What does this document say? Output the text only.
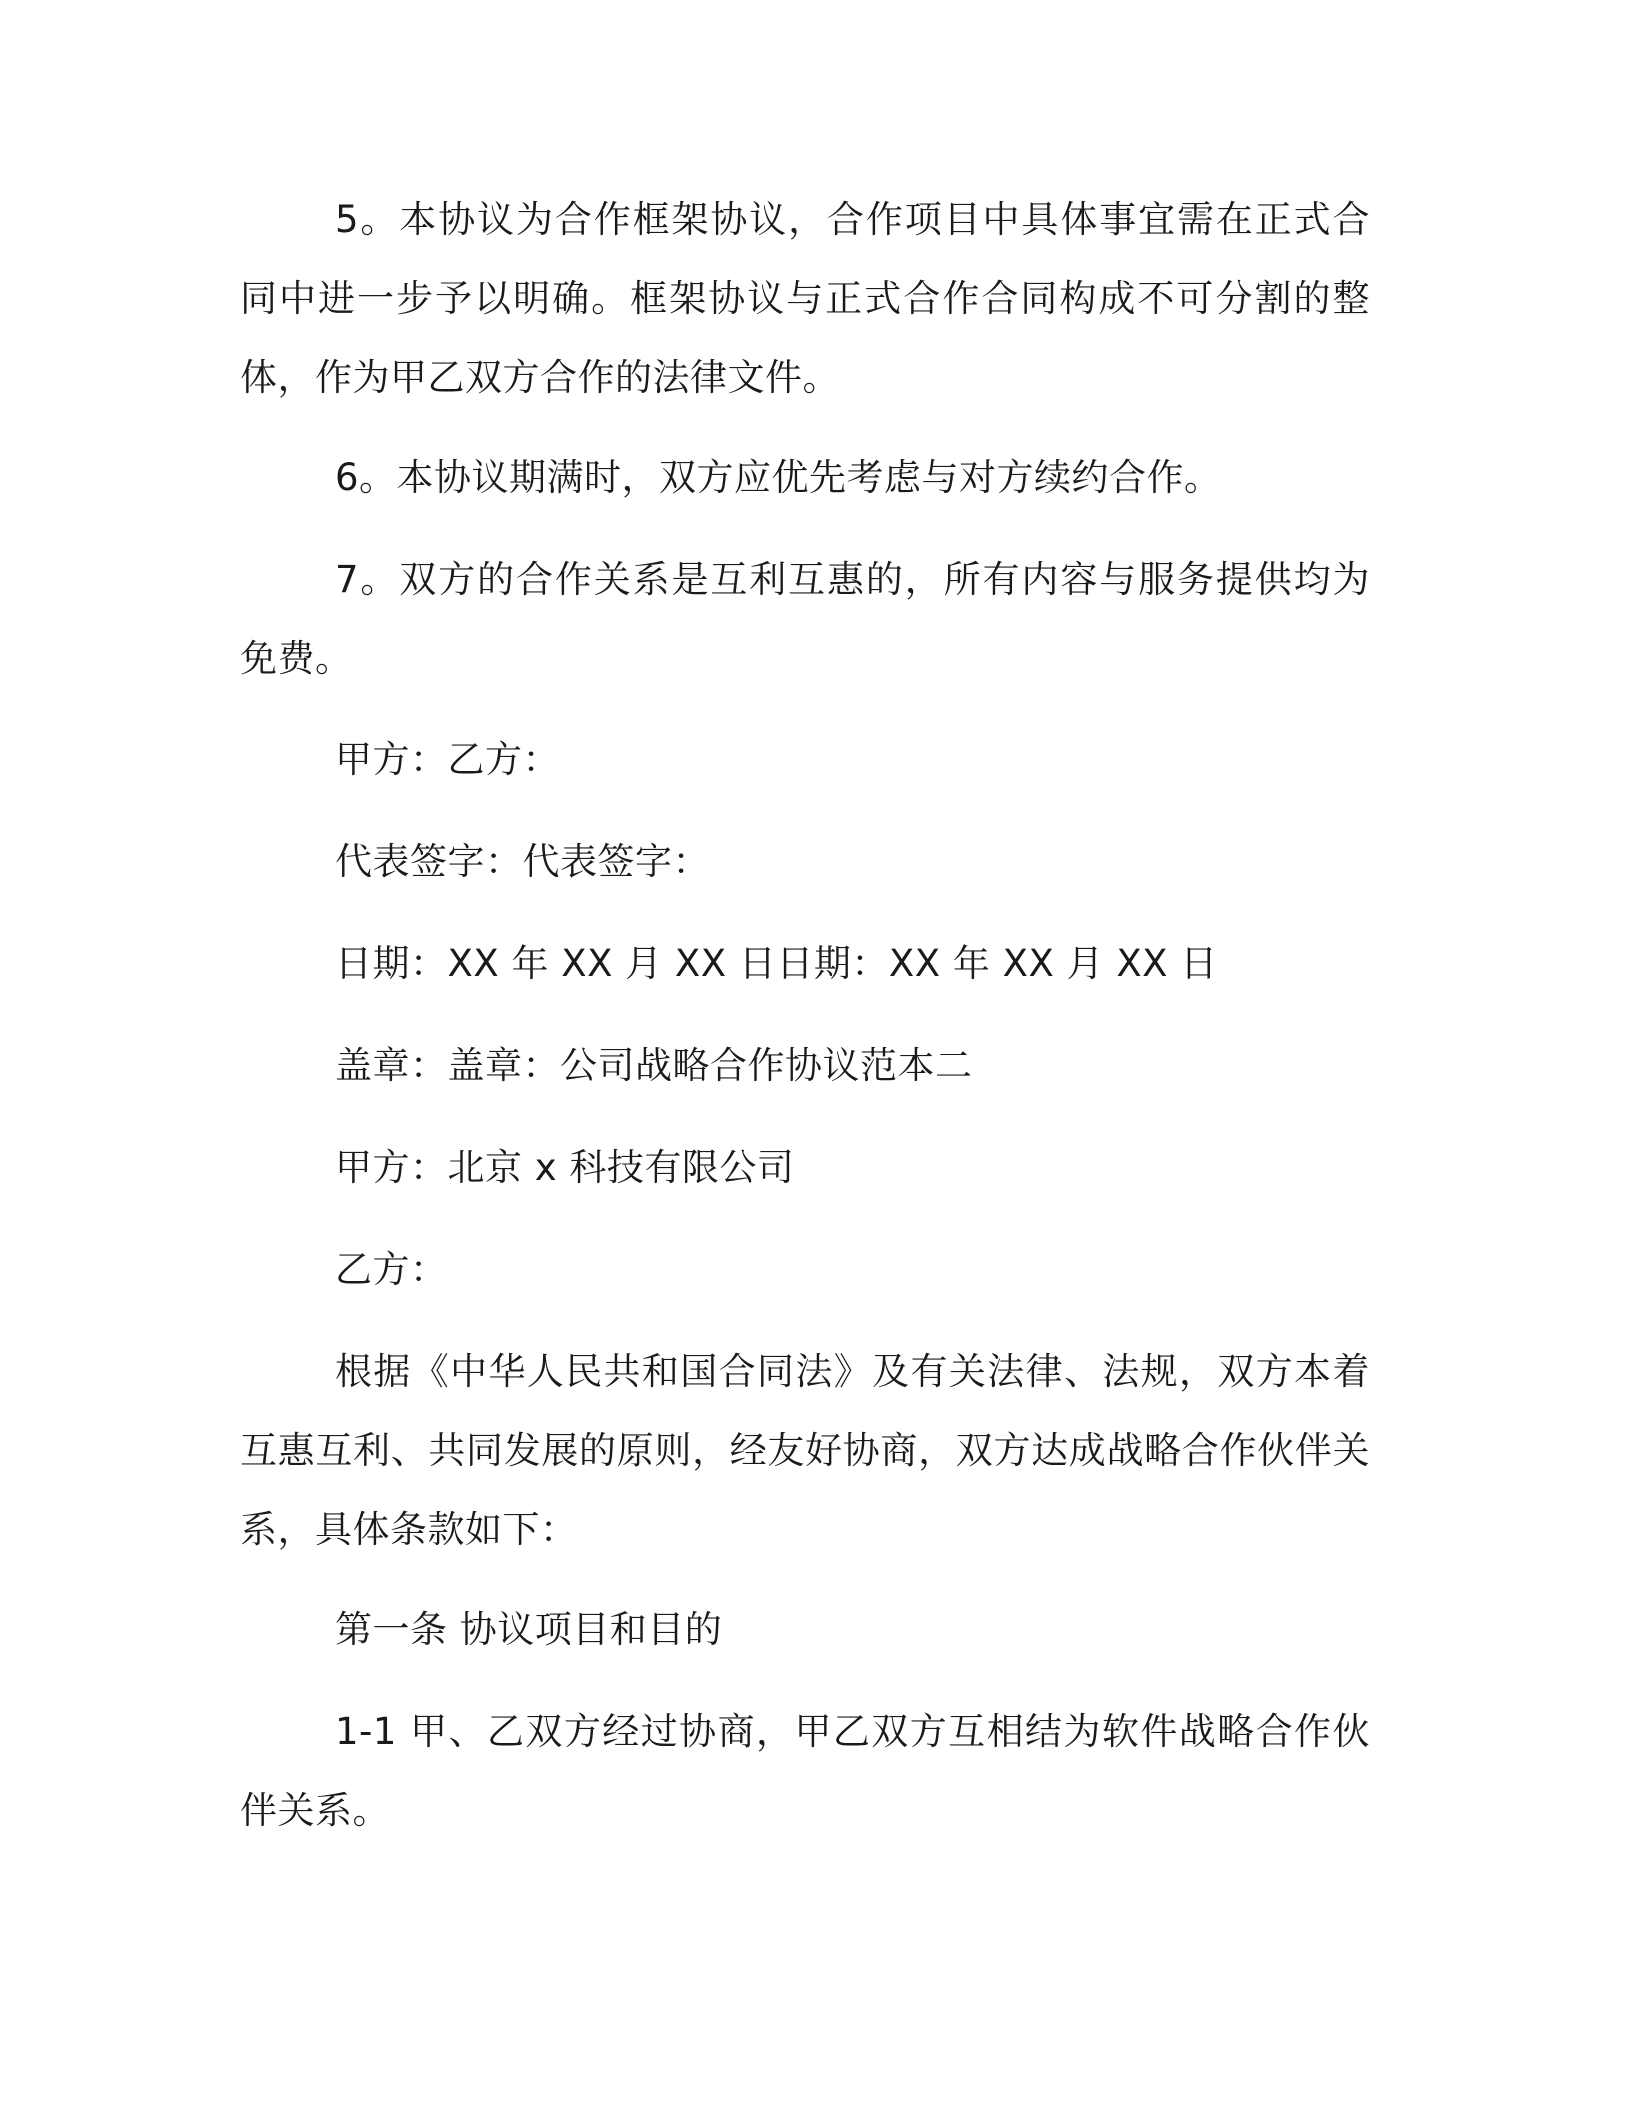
5。本协议为合作框架协议，合作项目中具体事宜需在正式合同中进一步予以明确。框架协议与正式合作合同构成不可分割的整体，作为甲乙双方合作的法律文件。

6。本协议期满时，双方应优先考虑与对方续约合作。

7。双方的合作关系是互利互惠的，所有内容与服务提供均为免费。

甲方：乙方：

代表签字：代表签字：

日期：XX 年 XX 月 XX 日日期：XX 年 XX 月 XX 日

盖章：盖章：公司战略合作协议范本二

甲方：北京 x 科技有限公司

乙方：

根据《中华人民共和国合同法》及有关法律、法规，双方本着互惠互利、共同发展的原则，经友好协商，双方达成战略合作伙伴关系，具体条款如下：

第一条 协议项目和目的

1-1 甲、乙双方经过协商，甲乙双方互相结为软件战略合作伙伴关系。
